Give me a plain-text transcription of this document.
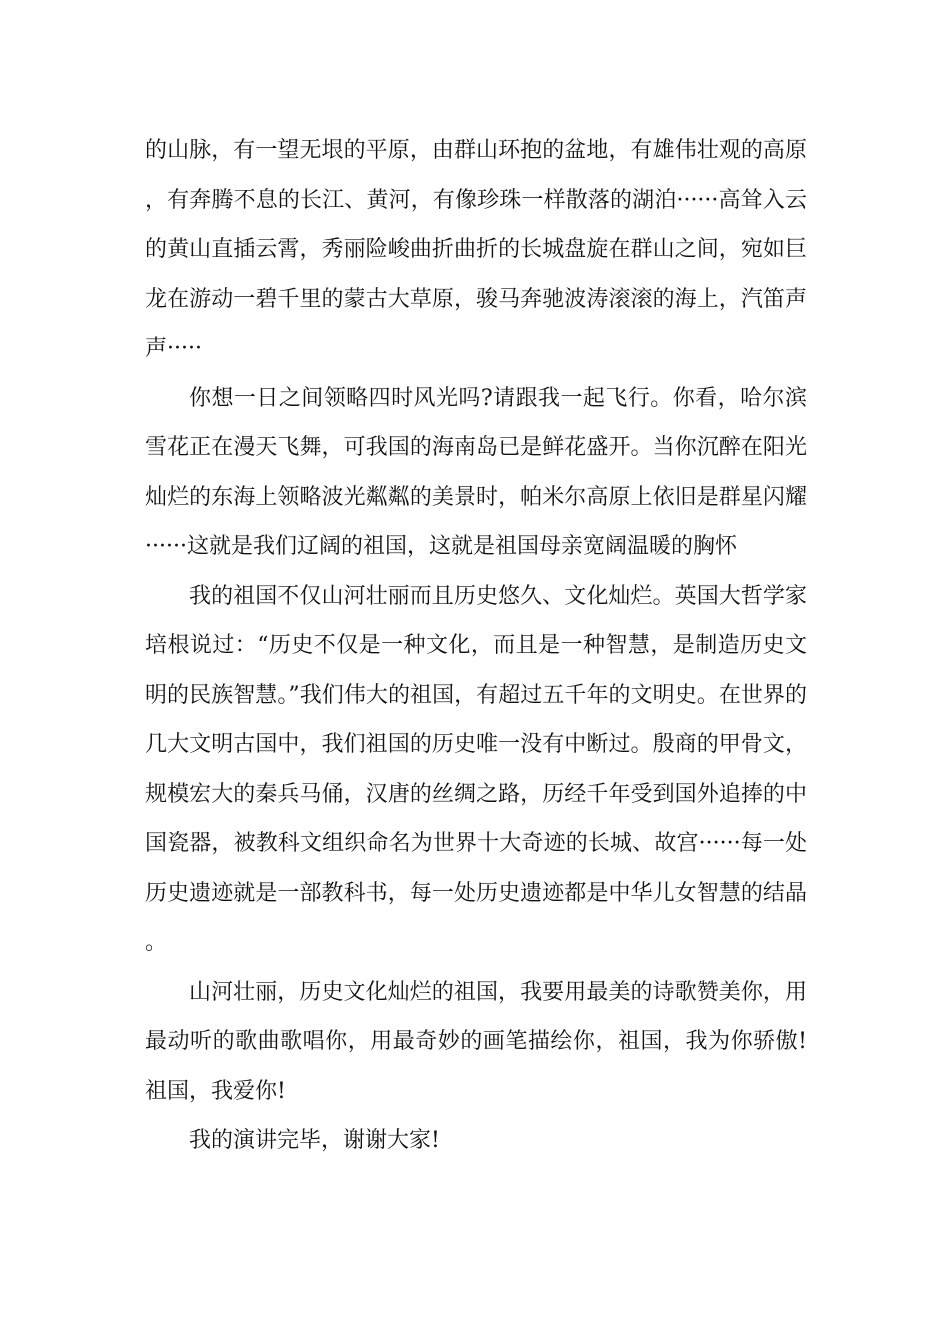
的山脉，有一望无垠的平原，由群山环抱的盆地，有雄伟壮观的高原，有奔腾不息的长江、黄河，有像珍珠一样散落的湖泊······高耸入云的黄山直插云霄，秀丽险峻曲折曲折的长城盘旋在群山之间，宛如巨龙在游动一碧千里的蒙古大草原，骏马奔驰波涛滚滚的海上，汽笛声声·····

你想一日之间领略四时风光吗?请跟我一起飞行。你看，哈尔滨雪花正在漫天飞舞，可我国的海南岛已是鲜花盛开。当你沉醉在阳光灿烂的东海上领略波光粼粼的美景时，帕米尔高原上依旧是群星闪耀······这就是我们辽阔的祖国，这就是祖国母亲宽阔温暖的胸怀

我的祖国不仅山河壮丽而且历史悠久、文化灿烂。英国大哲学家培根说过：“历史不仅是一种文化，而且是一种智慧，是制造历史文明的民族智慧。”我们伟大的祖国，有超过五千年的文明史。在世界的几大文明古国中，我们祖国的历史唯一没有中断过。殷商的甲骨文，规模宏大的秦兵马俑，汉唐的丝绸之路，历经千年受到国外追捧的中国瓷器，被教科文组织命名为世界十大奇迹的长城、故宫······每一处历史遗迹就是一部教科书，每一处历史遗迹都是中华儿女智慧的结晶。

山河壮丽，历史文化灿烂的祖国，我要用最美的诗歌赞美你，用最动听的歌曲歌唱你，用最奇妙的画笔描绘你，祖国，我为你骄傲!祖国，我爱你!

我的演讲完毕，谢谢大家!
